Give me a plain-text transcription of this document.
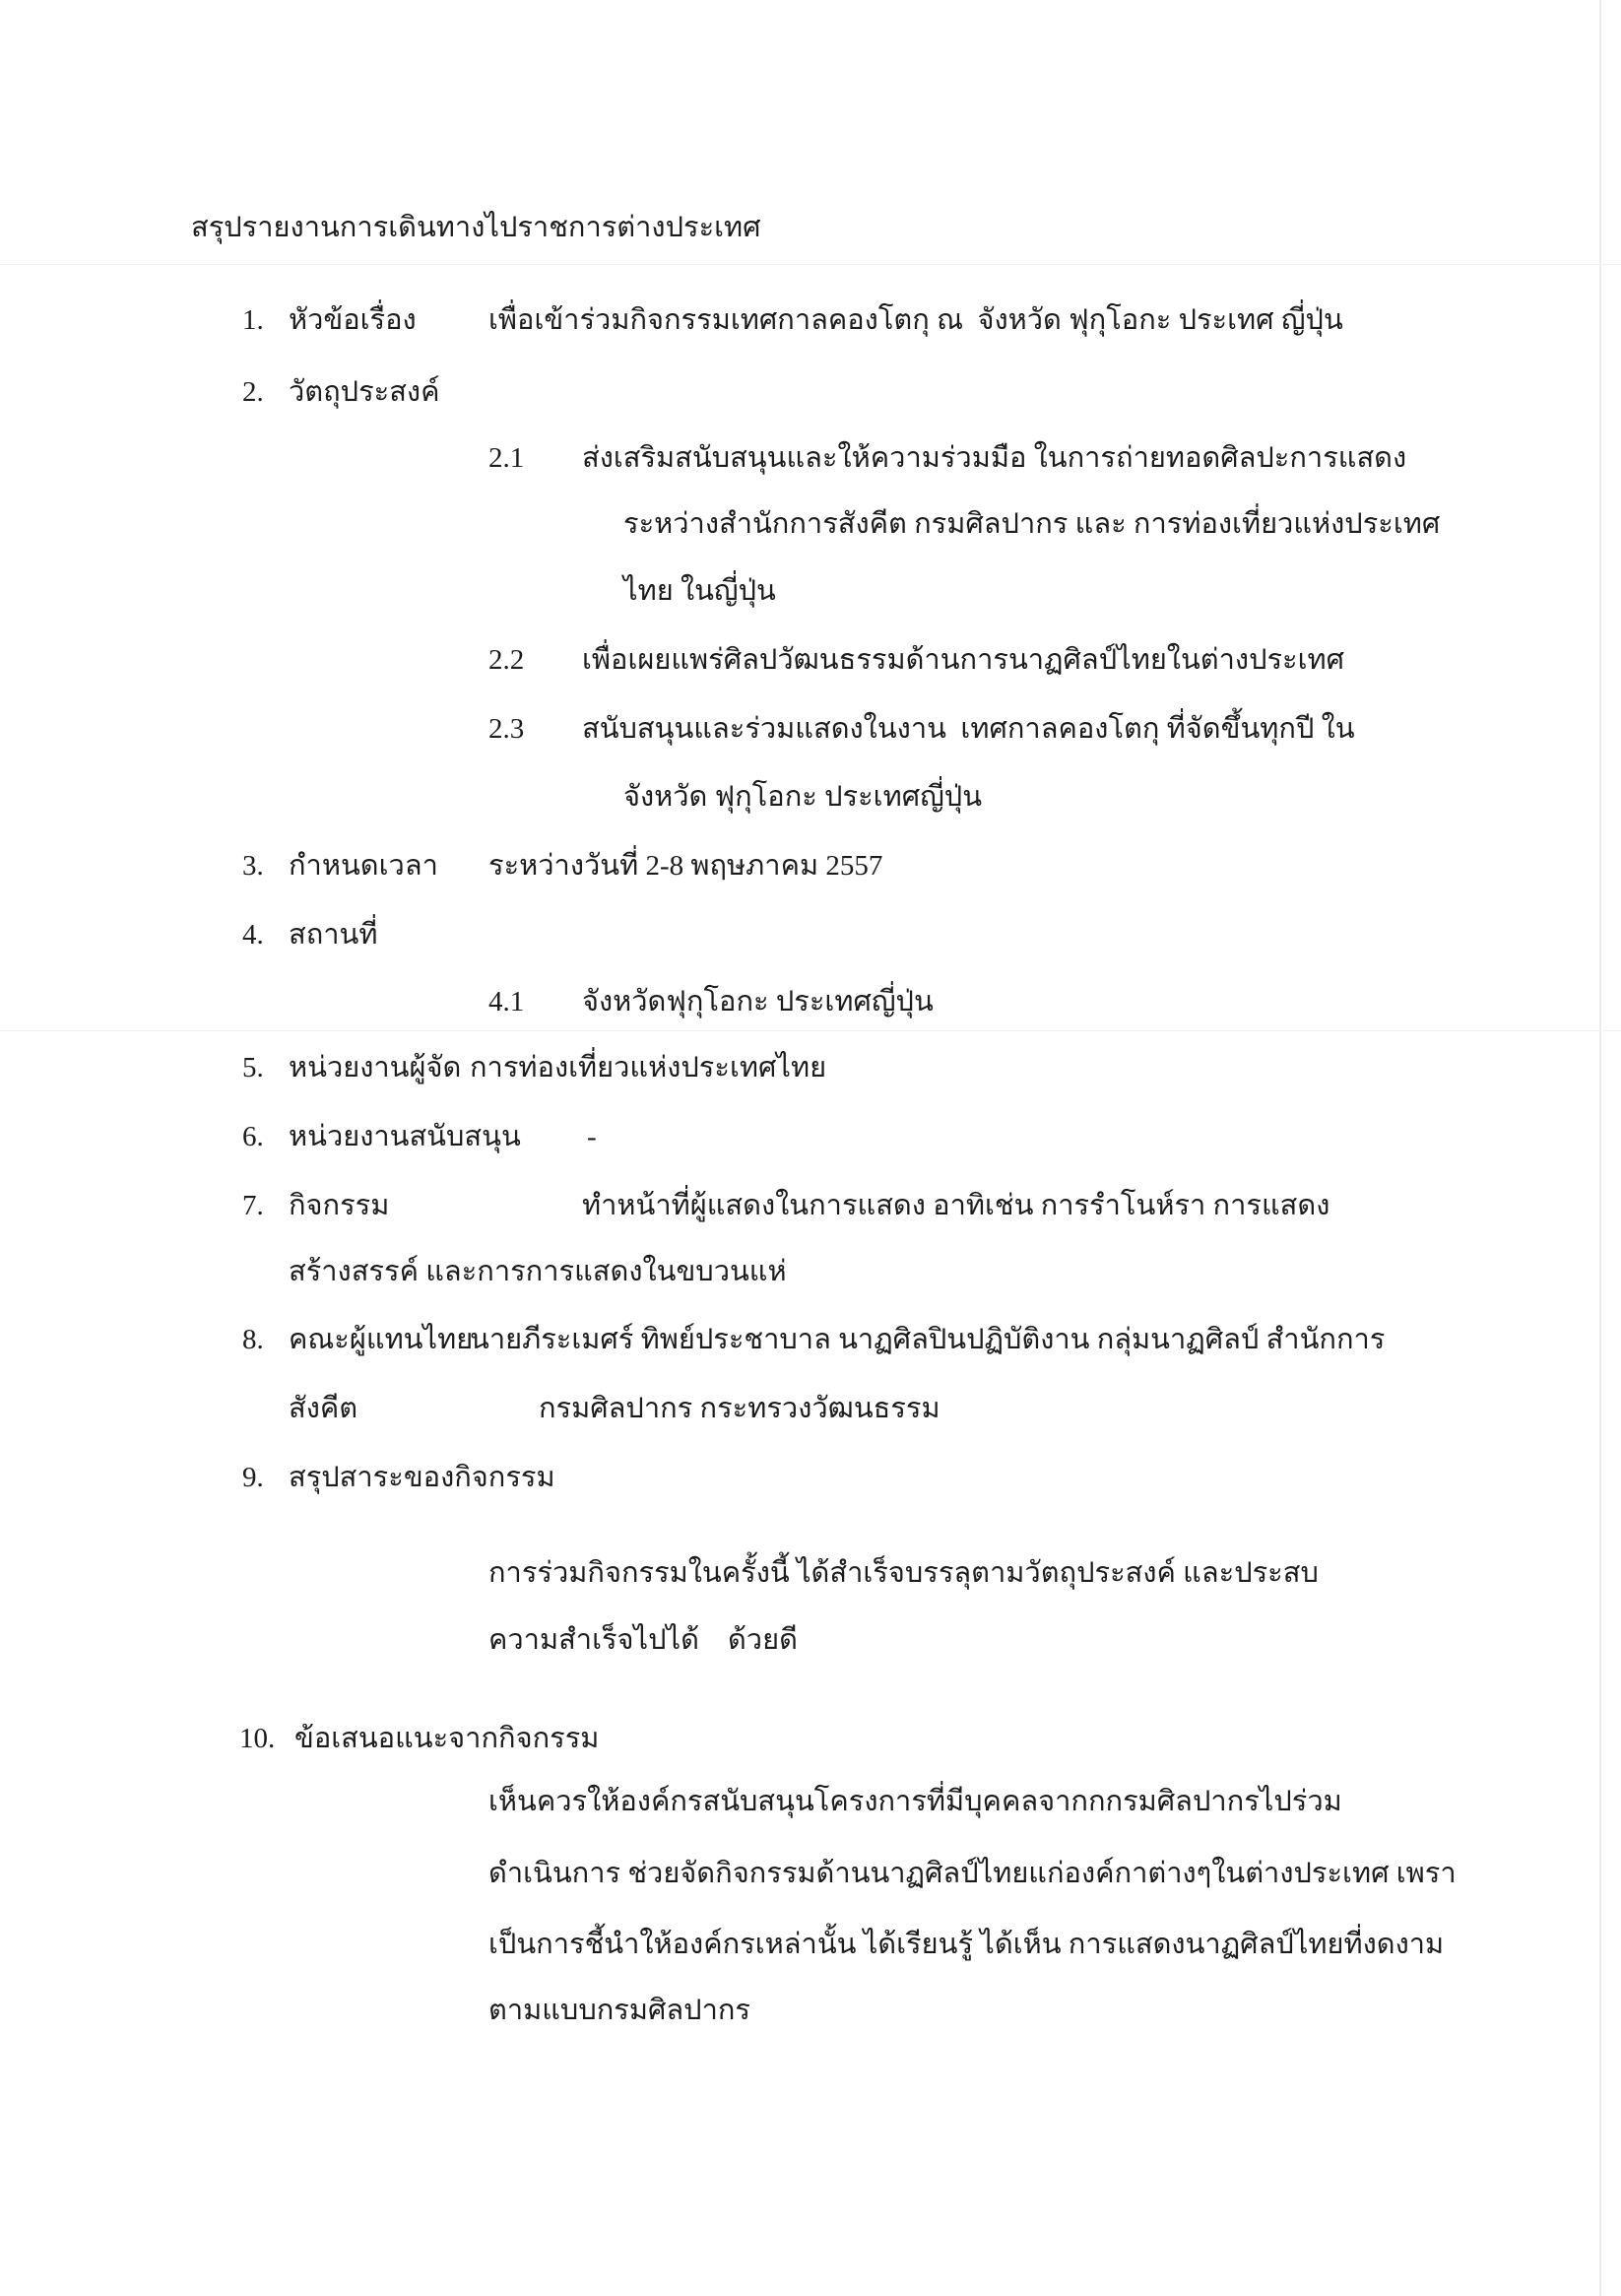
สรุปรายงานการเดินทางไปราชการต่างประเทศ
1. หัวข้อเรื่อง	เพื่อเข้าร่วมกิจกรรมเทศกาลคองโตกุ ณ  จังหวัด ฟุกุโอกะ ประเทศ ญี่ปุ่น
2. วัตถุประสงค์
2.1 ส่งเสริมสนับสนุนและให้ความร่วมมือ ในการถ่ายทอดศิลปะการแสดง
ระหว่างสำนักการสังคีต กรมศิลปากร และ การท่องเที่ยวแห่งประเทศ
ไทย ในญี่ปุ่น
2.2 เพื่อเผยแพร่ศิลปวัฒนธรรมด้านการนาฏศิลป์ไทยในต่างประเทศ
2.3 สนับสนุนและร่วมแสดงในงาน  เทศกาลคองโตกุ ที่จัดขึ้นทุกปี ใน
จังหวัด ฟุกุโอกะ ประเทศญี่ปุ่น
3. กำหนดเวลา ระหว่างวันที่ 2-8 พฤษภาคม 2557
4. สถานที่
4.1 จังหวัดฟุกุโอกะ ประเทศญี่ปุ่น
5. หน่วยงานผู้จัด การท่องเที่ยวแห่งประเทศไทย
6. หน่วยงานสนับสนุน -
7. กิจกรรม	ทำหน้าที่ผู้แสดงในการแสดง อาทิเช่น การรำโนห์รา การแสดง
สร้างสรรค์ และการการแสดงในขบวนแห่
8. คณะผู้แทนไทย
นายภีระเมศร์ ทิพย์ประชาบาล นาฏศิลปินปฏิบัติงาน กลุ่มนาฏศิลป์ สำนักการ
สังคีต	กรมศิลปากร กระทรวงวัฒนธรรม
9. สรุปสาระของกิจกรรม
การร่วมกิจกรรมในครั้งนี้ ได้สำเร็จบรรลุตามวัตถุประสงค์ และประสบ
ความสำเร็จไปได้    ด้วยดี
10. ข้อเสนอแนะจากกิจกรรม
เห็นควรให้องค์กรสนับสนุนโครงการที่มีบุคคลจากกกรมศิลปากรไปร่วม
ดำเนินการ ช่วยจัดกิจกรรมด้านนาฏศิลป์ไทยแก่องค์กาต่างๆในต่างประเทศ เพรา
เป็นการชี้นำให้องค์กรเหล่านั้น ได้เรียนรู้ ได้เห็น การแสดงนาฏศิลป์ไทยที่งดงาม
ตามแบบกรมศิลปากร
